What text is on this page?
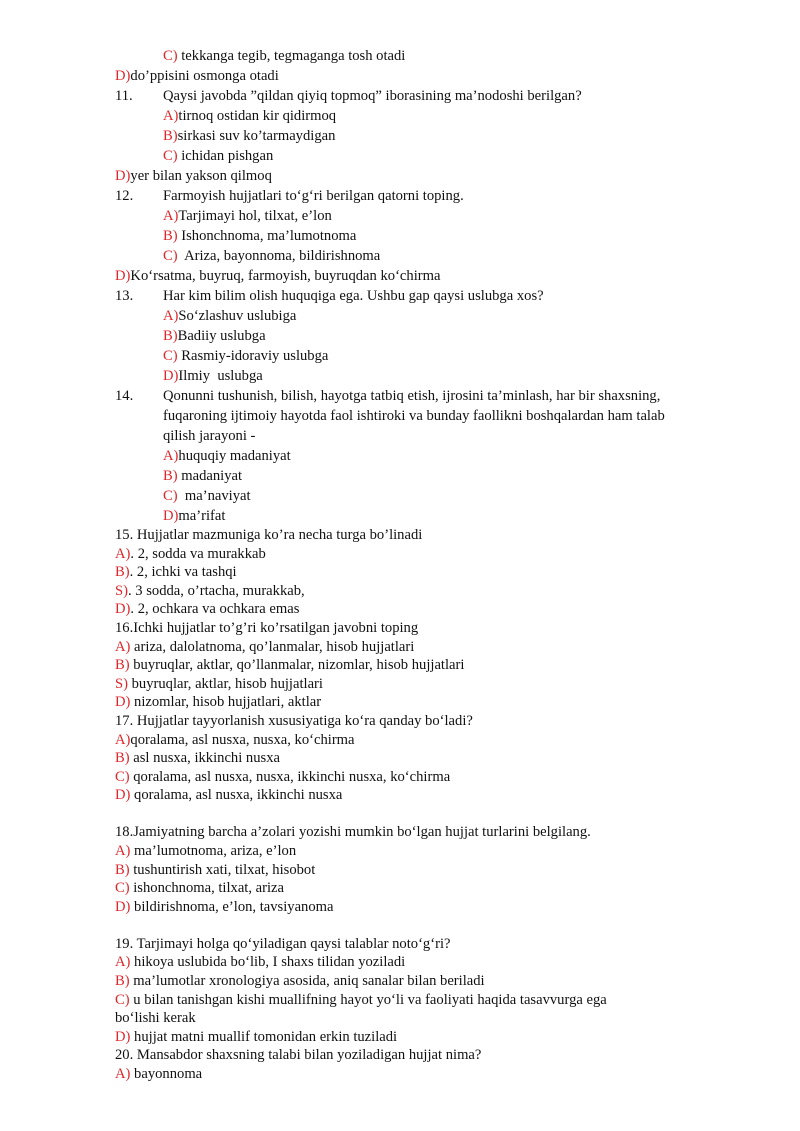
C) tekkanga tegib, tegmaganga tosh otadi
D)do’ppisini osmonga otadi
11. Qaysi javobda ”qildan qiyiq topmoq” iborasining ma’nodoshi berilgan?
A)tirnoq ostidan kir qidirmoq
B)sirkasi suv ko’tarmaydigan
C) ichidan pishgan
D)yer bilan yakson qilmoq
12. Farmoyish hujjatlari to‘g‘ri berilgan qatorni toping.
A)Tarjimayi hol, tilxat, e’lon
B) Ishonchnoma, ma’lumotnoma
C)  Ariza, bayonnoma, bildirishnoma
D)Ko‘rsatma, buyruq, farmoyish, buyruqdan ko‘chirma
13. Har kim bilim olish huquqiga ega. Ushbu gap qaysi uslubga xos?
A)So‘zlashuv uslubiga
B)Badiiy uslubga
C) Rasmiy-idoraviy uslubga
D)Ilmiy  uslubga
14. Qonunni tushunish, bilish, hayotga tatbiq etish, ijrosini ta’minlash, har bir shaxsning,
fuqaroning ijtimoiy hayotda faol ishtiroki va bunday faollikni boshqalardan ham talab
qilish jarayoni -
A)huquqiy madaniyat
B) madaniyat
C)  ma’naviyat
D)ma’rifat
15. Hujjatlar mazmuniga ko’ra necha turga bo’linadi
A). 2, sodda va murakkab
B). 2, ichki va tashqi
S). 3 sodda, o’rtacha, murakkab,
D). 2, ochkara va ochkara emas
16.Ichki hujjatlar to’g’ri ko’rsatilgan javobni toping
A) ariza, dalolatnoma, qo’lanmalar, hisob hujjatlari
B) buyruqlar, aktlar, qo’llanmalar, nizomlar, hisob hujjatlari
S) buyruqlar, aktlar, hisob hujjatlari
D) nizomlar, hisob hujjatlari, aktlar
17. Hujjatlar tayyorlanish xususiyatiga ko‘ra qanday bo‘ladi?
A)qoralama, asl nusxa, nusxa, ko‘chirma
B) asl nusxa, ikkinchi nusxa
C) qoralama, asl nusxa, nusxa, ikkinchi nusxa, ko‘chirma
D) qoralama, asl nusxa, ikkinchi nusxa
18.Jamiyatning barcha a’zolari yozishi mumkin bo‘lgan hujjat turlarini belgilang.
A) ma’lumotnoma, ariza, e’lon
B) tushuntirish xati, tilxat, hisobot
C) ishonchnoma, tilxat, ariza
D) bildirishnoma, e’lon, tavsiyanoma
19. Tarjimayi holga qo‘yiladigan qaysi talablar noto‘g‘ri?
A) hikoya uslubida bo‘lib, I shaxs tilidan yoziladi
B) ma’lumotlar xronologiya asosida, aniq sanalar bilan beriladi
C) u bilan tanishgan kishi muallifning hayot yo‘li va faoliyati haqida tasavvurga ega
bo‘lishi kerak
D) hujjat matni muallif tomonidan erkin tuziladi
20. Mansabdor shaxsning talabi bilan yoziladigan hujjat nima?
A) bayonnoma
